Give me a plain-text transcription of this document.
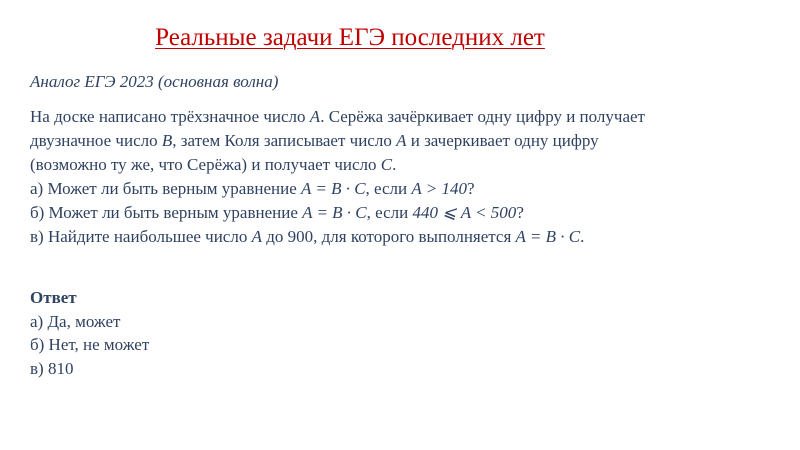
Реальные задачи ЕГЭ последних лет
Аналог ЕГЭ 2023 (основная волна)
На доске написано трёхзначное число A. Серёжа зачёркивает одну цифру и получает
двузначное число B, затем Коля записывает число A и зачеркивает одну цифру
(возможно ту же, что Серёжа) и получает число C.
а) Может ли быть верным уравнение A = B · C, если A > 140?
б) Может ли быть верным уравнение A = B · C, если 440 ⩽ A < 500?
в) Найдите наибольшее число A до 900, для которого выполняется A = B · C.
Ответ
а) Да, может
б) Нет, не может
в) 810
